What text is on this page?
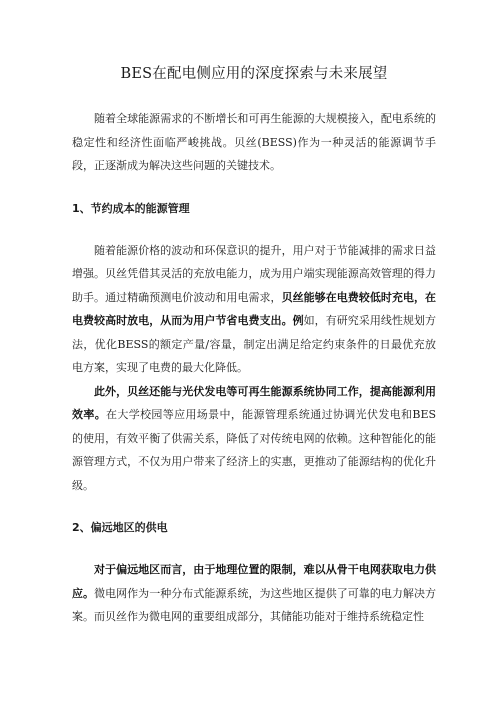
BES在配电侧应用的深度探索与未来展望

随着全球能源需求的不断增长和可再生能源的大规模接入，配电系统的稳定性和经济性面临严峻挑战。贝丝(BESS)作为一种灵活的能源调节手段，正逐渐成为解决这些问题的关键技术。

1、节约成本的能源管理

随着能源价格的波动和环保意识的提升，用户对于节能减排的需求日益增强。贝丝凭借其灵活的充放电能力，成为用户端实现能源高效管理的得力助手。通过精确预测电价波动和用电需求，贝丝能够在电费较低时充电，在电费较高时放电，从而为用户节省电费支出。例如，有研究采用线性规划方法，优化BESS的额定产量/容量，制定出满足给定约束条件的日最优充放电方案，实现了电费的最大化降低。

此外，贝丝还能与光伏发电等可再生能源系统协同工作，提高能源利用效率。在大学校园等应用场景中，能源管理系统通过协调光伏发电和BES的使用，有效平衡了供需关系，降低了对传统电网的依赖。这种智能化的能源管理方式，不仅为用户带来了经济上的实惠，更推动了能源结构的优化升级。

2、偏远地区的供电

对于偏远地区而言，由于地理位置的限制，难以从骨干电网获取电力供应。微电网作为一种分布式能源系统，为这些地区提供了可靠的电力解决方案。而贝丝作为微电网的重要组成部分，其储能功能对于维持系统稳定性
